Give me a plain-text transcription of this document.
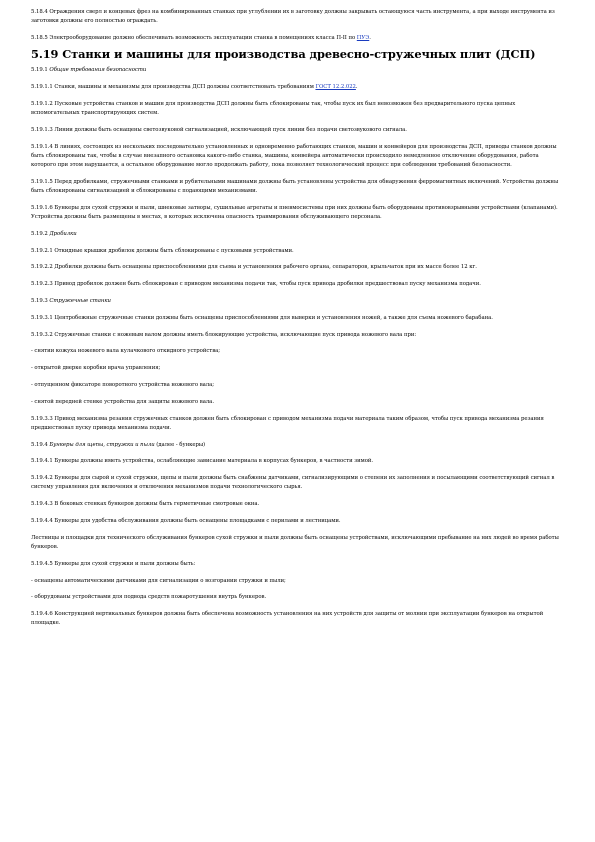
5.18.4 Ограждения сверл и концевых фрез на комбинированных станках при углублении их в заготовку должны закрывать остающуюся часть инструмента, а при выходе инструмента из заготовки должны его полностью ограждать.

5.18.5 Электрооборудование должно обеспечивать возможность эксплуатации станка в помещениях класса П-II по ПУЭ.

5.19 Станки и машины для производства древесно-стружечных плит (ДСП)

5.19.1 Общие требования безопасности

5.19.1.1 Станки, машины и механизмы для производства ДСП должны соответствовать требованиям ГОСТ 12.2.022.

5.19.1.2 Пусковые устройства станков и машин для производства ДСП должны быть сблокированы так, чтобы пуск их был невозможен без предварительного пуска цепных вспомогательных транспортирующих систем.

5.19.1.3 Линии должны быть оснащены светозвуковой сигнализацией, исключающей пуск линии без подачи светозвукового сигнала.

5.19.1.4 В линиях, состоящих из нескольких последовательно установленных и одновременно работающих станков, машин и конвейеров для производства ДСП, приводы станков должны быть сблокированы так, чтобы в случае внезапного остановка какого-либо станка, машины, конвейера автоматически происходило немедленное отключение оборудования, работа которого при этом нарушается, а остальное оборудование могло продолжать работу, пока позволяет технологический процесс при соблюдении требований безопасности.

5.19.1.5 Перед дробилками, стружечными станками и рубительными машинами должны быть установлены устройства для обнаружения ферромагнитных включений. Устройства должны быть сблокированы сигнализацией и сблокированы с подающими механизмами.

5.19.1.6 Бункеры для сухой стружки и пыли, шнековые затворы, сушильные агрегаты и пневмосистемы при них должны быть оборудованы противовзрывными устройствами (клапанами). Устройства должны быть размещены в местах, в которых исключена опасность травмирования обслуживающего персонала.

5.19.2 Дробилки

5.19.2.1 Откидные крышки дробилок должны быть сблокированы с пусковыми устройствами.

5.19.2.2 Дробилки должны быть оснащены приспособлениями для съема и установления рабочего органа, сепараторов, крыльчаток при их массе более 12 кг.

5.19.2.3 Привод дробилок должен быть сблокирован с приводом механизма подачи так, чтобы пуск привода дробилки предшествовал пуску механизма подачи.

5.19.3 Стружечные станки

5.19.3.1 Центробежные стружечные станки должны быть оснащены приспособлениями для выверки и установления ножей, а также для съема ножевого барабана.

5.19.3.2 Стружечные станки с ножевым валом должны иметь блокирующие устройства, исключающие пуск привода ножевого вала при:

- снятии кожуха ножевого вала кулачкового откидного устройства;

- открытой дверке коробки врача управления;

- отпущенном фиксаторе поворотного устройства ножевого вала;

- снятой передней стенке устройства для защиты ножевого вала.

5.19.3.3 Привод механизма резания стружечных станков должен быть сблокирован с приводом механизма подачи материала таким образом, чтобы пуск привода механизма резания предшествовал пуску привода механизма подачи.

5.19.4 Бункеры для щепы, стружки и пыли (далее - бункеры)

5.19.4.1 Бункеры должны иметь устройства, ослабляющие зависание материала в корпусах бункеров, в частности зимой.

5.19.4.2 Бункеры для сырой и сухой стружки, щепы и пыли должны быть снабжены датчиками, сигнализирующими о степени их заполнения и посылающими соответствующий сигнал в систему управления для включения и отключения механизмов подачи технологического сырья.

5.19.4.3 В боковых стенках бункеров должны быть герметичные смотровые окна.

5.19.4.4 Бункеры для удобства обслуживания должны быть оснащены площадками с перилами и лестницами.

Лестницы и площадки для технического обслуживания бункеров сухой стружки и пыли должны быть оснащены устройствами, исключающими пребывание на них людей во время работы бункеров.

5.19.4.5 Бункеры для сухой стружки и пыли должны быть:

- оснащены автоматическими датчиками для сигнализации о возгорании стружки и пыли;

- оборудованы устройствами для подвода средств пожаротушения внутрь бункеров.

5.19.4.6 Конструкцией вертикальных бункеров должна быть обеспечена возможность установления на них устройств для защиты от молнии при эксплуатации бункеров на открытой площадке.
